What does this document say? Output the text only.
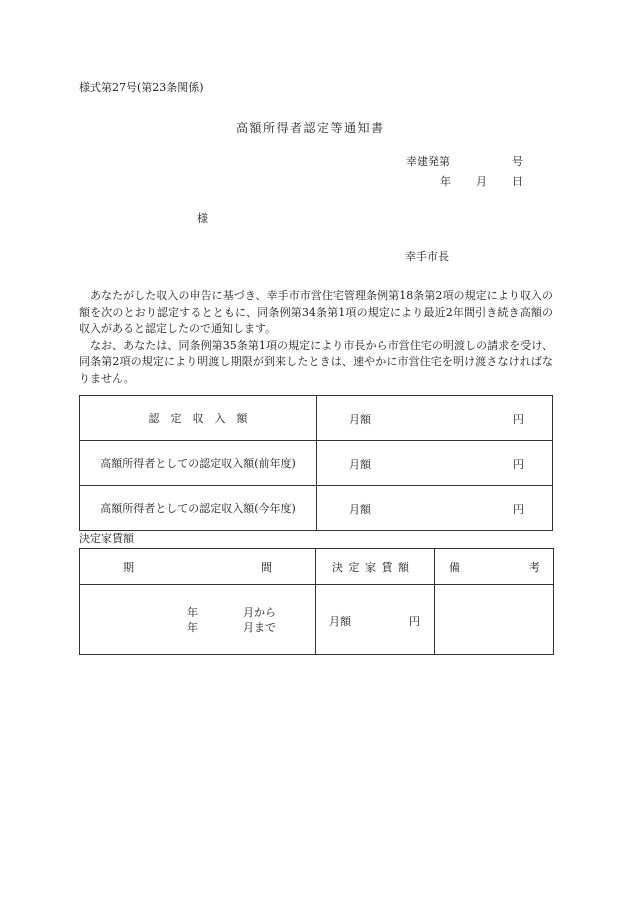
様式第27号(第23条関係)
高額所得者認定等通知書
幸建発第	号
年 月 日
様
幸手市長

あなたがした収入の申告に基づき、幸手市市営住宅管理条例第18条第2項の規定により収入の額を次のとおり認定するとともに、同条例第34条第1項の規定により最近2年間引き続き高額の収入があると認定したので通知します。

なお、あなたは、同条例第35条第1項の規定により市長から市営住宅の明渡しの請求を受け、同条第2項の規定により明渡し期限が到来したときは、速やかに市営住宅を明け渡さなければなりません。

認　定　収　入　額	月額 円

高額所得者としての認定収入額(前年度)	月額 円

高額所得者としての認定収入額(今年度)	月額 円
決定家賃額
期 間	決 定 家 賃 額	備 考

年 月から
年 月まで	月額 円	
